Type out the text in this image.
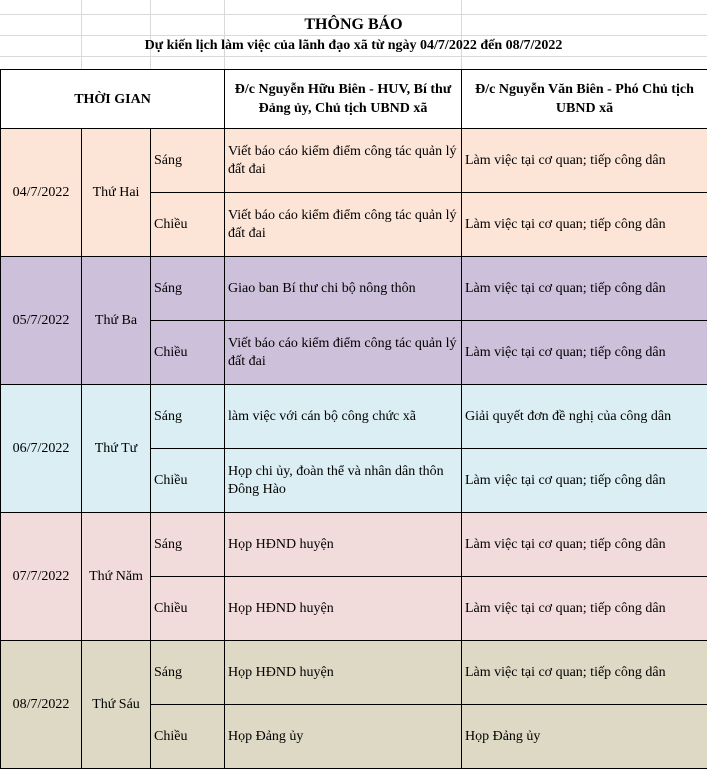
THÔNG BÁO
Dự kiến lịch làm việc của lãnh đạo xã từ ngày 04/7/2022 đến 08/7/2022
THỜI GIAN			Đ/c Nguyễn Hữu Biên - HUV, Bí thư Đảng ủy, Chủ tịch UBND xã	Đ/c Nguyễn Văn Biên - Phó Chủ tịch UBND xã
04/7/2022	Thứ Hai	Sáng	Viết báo cáo kiểm điểm công tác quản lý đất đai	Làm việc tại cơ quan; tiếp công dân
		Chiều	Viết báo cáo kiểm điểm công tác quản lý đất đai	Làm việc tại cơ quan; tiếp công dân
05/7/2022	Thứ Ba	Sáng	Giao ban Bí thư chi bộ nông thôn	Làm việc tại cơ quan; tiếp công dân
		Chiều	Viết báo cáo kiểm điểm công tác quản lý đất đai	Làm việc tại cơ quan; tiếp công dân
06/7/2022	Thứ Tư	Sáng	làm việc với cán bộ công chức xã	Giải quyết đơn đề nghị của công dân
		Chiều	Họp chi ủy, đoàn thể và nhân dân thôn Đông Hào	Làm việc tại cơ quan; tiếp công dân
07/7/2022	Thứ Năm	Sáng	Họp HĐND huyện	Làm việc tại cơ quan; tiếp công dân
		Chiều	Họp HĐND huyện	Làm việc tại cơ quan; tiếp công dân
08/7/2022	Thứ Sáu	Sáng	Họp HĐND huyện	Làm việc tại cơ quan; tiếp công dân
		Chiều	Họp Đảng ủy	Họp Đảng ủy
